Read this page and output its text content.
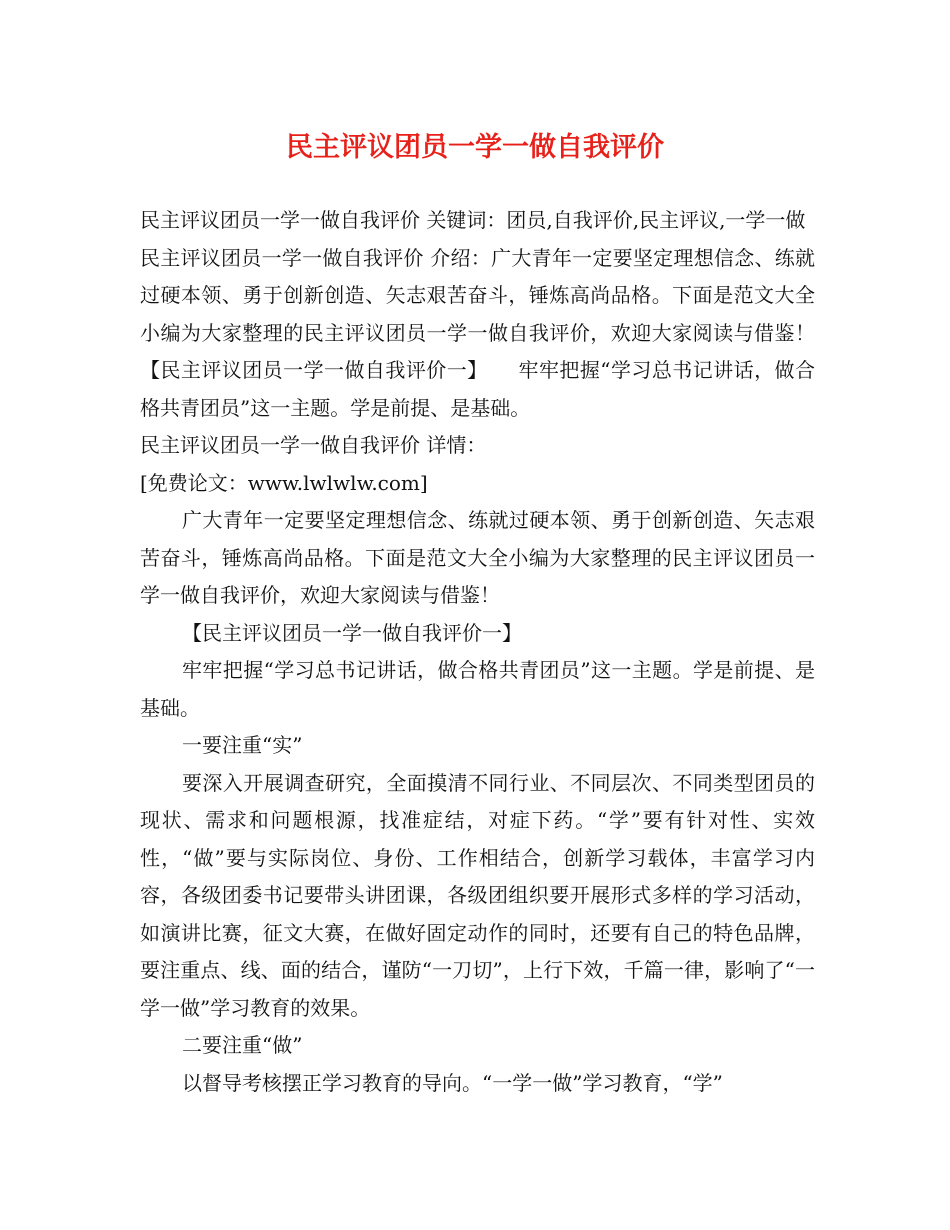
民主评议团员一学一做自我评价

民主评议团员一学一做自我评价 关键词：团员,自我评价,民主评议,一学一做

民主评议团员一学一做自我评价 介绍：广大青年一定要坚定理想信念、练就过硬本领、勇于创新创造、矢志艰苦奋斗，锤炼高尚品格。下面是范文大全小编为大家整理的民主评议团员一学一做自我评价，欢迎大家阅读与借鉴！　　【民主评议团员一学一做自我评价一】　　牢牢把握“学习总书记讲话，做合格共青团员”这一主题。学是前提、是基础。

民主评议团员一学一做自我评价 详情：

[免费论文：www.lwlwlw.com]

广大青年一定要坚定理想信念、练就过硬本领、勇于创新创造、矢志艰苦奋斗，锤炼高尚品格。下面是范文大全小编为大家整理的民主评议团员一学一做自我评价，欢迎大家阅读与借鉴！

【民主评议团员一学一做自我评价一】

牢牢把握“学习总书记讲话，做合格共青团员”这一主题。学是前提、是基础。

一要注重“实”

要深入开展调查研究，全面摸清不同行业、不同层次、不同类型团员的现状、需求和问题根源，找准症结，对症下药。“学”要有针对性、实效性，“做”要与实际岗位、身份、工作相结合，创新学习载体，丰富学习内容，各级团委书记要带头讲团课，各级团组织要开展形式多样的学习活动，如演讲比赛，征文大赛，在做好固定动作的同时，还要有自己的特色品牌，要注重点、线、面的结合，谨防“一刀切”，上行下效，千篇一律，影响了“一学一做”学习教育的效果。

二要注重“做”

以督导考核摆正学习教育的导向。“一学一做”学习教育，“学”
